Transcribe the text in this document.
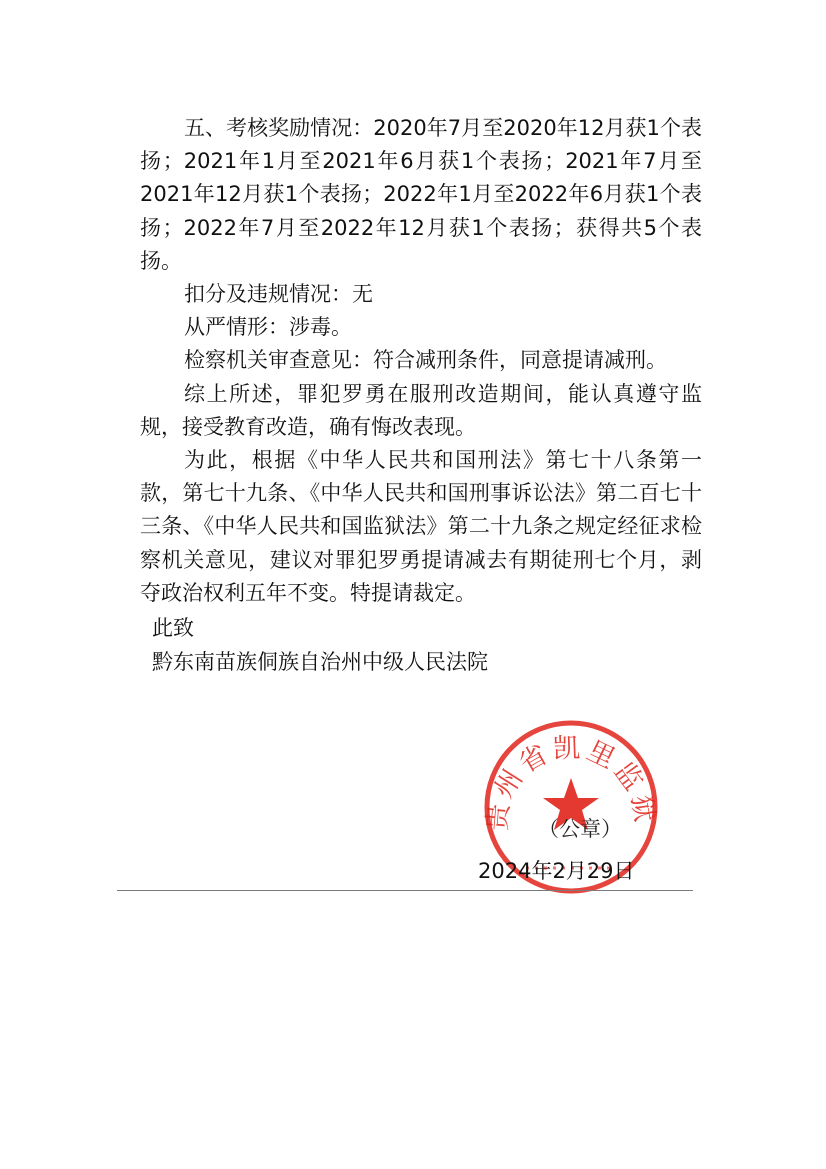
五、考核奖励情况：2020年7月至2020年12月获1个表扬；2021年1月至2021年6月获1个表扬；2021年7月至2021年12月获1个表扬；2022年1月至2022年6月获1个表扬；2022年7月至2022年12月获1个表扬；获得共5个表扬。

扣分及违规情况：无

从严情形：涉毒。

检察机关审查意见：符合减刑条件，同意提请减刑。

综上所述，罪犯罗勇在服刑改造期间，能认真遵守监规，接受教育改造，确有悔改表现。

为此，根据《中华人民共和国刑法》第七十八条第一款，第七十九条、《中华人民共和国刑事诉讼法》第二百七十三条、《中华人民共和国监狱法》第二十九条之规定经征求检察机关意见，建议对罪犯罗勇提请减去有期徒刑七个月，剥夺政治权利五年不变。特提请裁定。

此致
黔东南苗族侗族自治州中级人民法院
贵州省凯里监狱
（公章）
2024年2月29日
